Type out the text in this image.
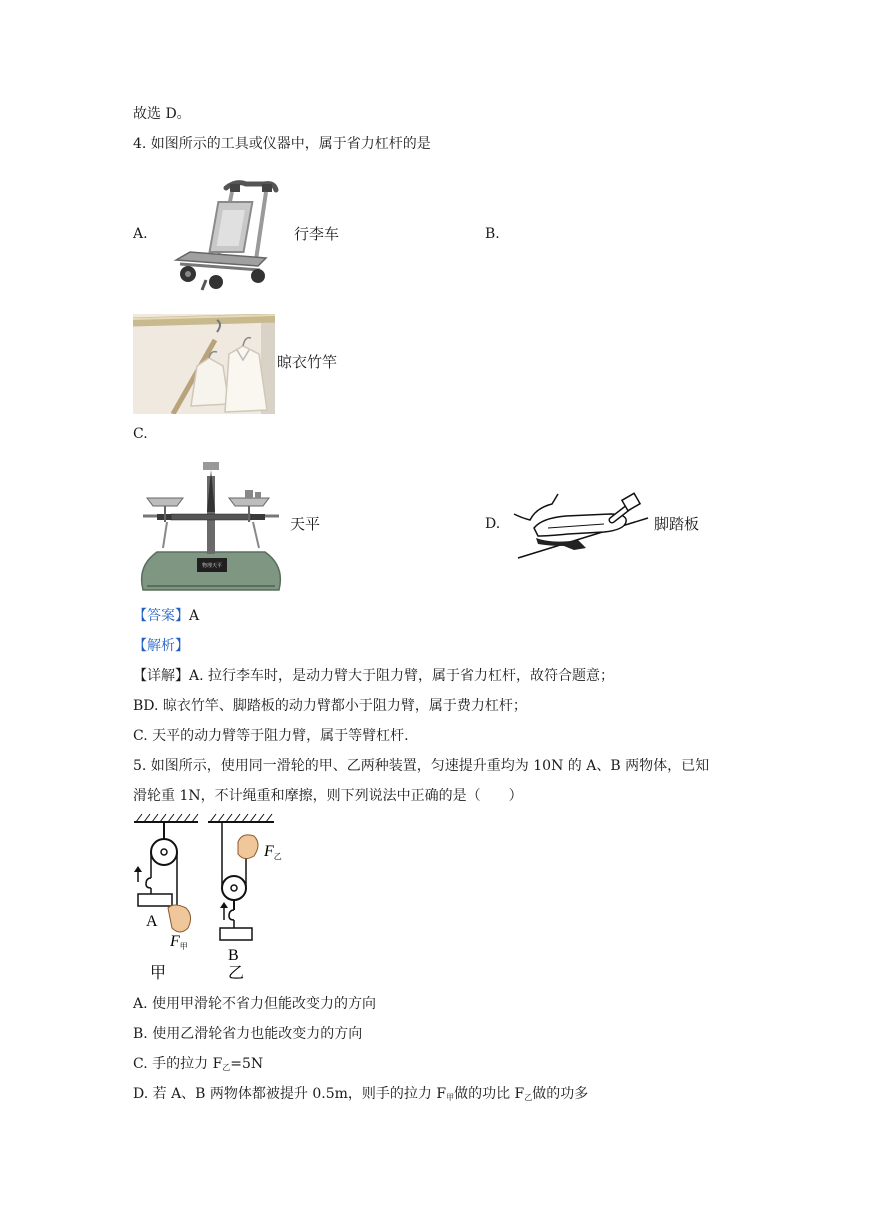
故选 D。
4. 如图所示的工具或仪器中，属于省力杠杆的是
A.	行李车	B.
晾衣竹竿
C.
物理天平
天平	D.	脚踏板
【答案】A
【解析】
【详解】A. 拉行李车时，是动力臂大于阻力臂，属于省力杠杆，故符合题意；
BD. 晾衣竹竿、脚踏板的动力臂都小于阻力臂，属于费力杠杆；
C. 天平的动力臂等于阻力臂，属于等臂杠杆.
5. 如图所示，使用同一滑轮的甲、乙两种装置，匀速提升重均为 10N 的 A、B 两物体，已知
滑轮重 1N，不计绳重和摩擦，则下列说法中正确的是（　　）
A
F甲
甲
B
F乙
乙
A. 使用甲滑轮不省力但能改变力的方向
B. 使用乙滑轮省力也能改变力的方向
C. 手的拉力 $F_乙=5N$
D. 若 A、B 两物体都被提升 0.5m，则手的拉力 $F_甲$做的功比 $F_乙$做的功多
